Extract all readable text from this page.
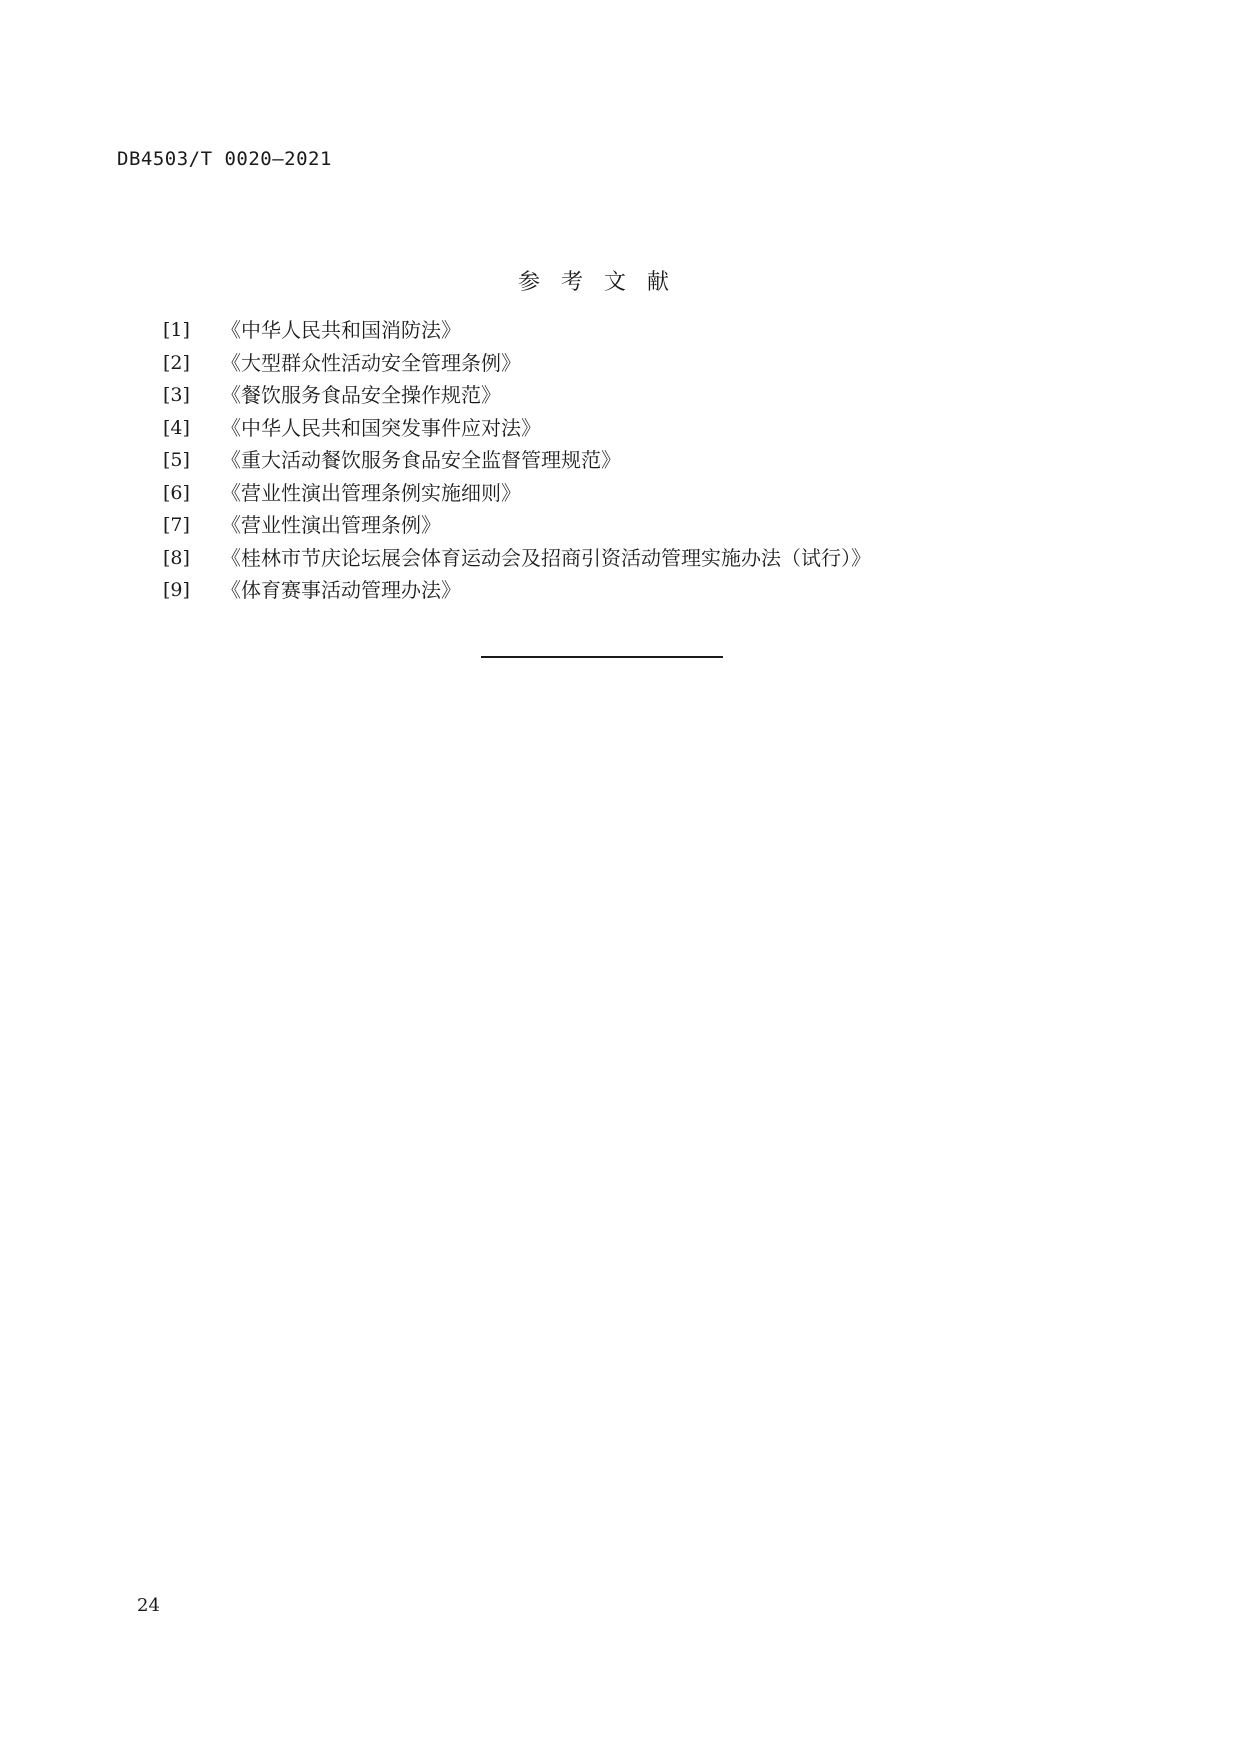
DB4503/T 0020—2021
参考文献
[1]	《中华人民共和国消防法》
[2]	《大型群众性活动安全管理条例》
[3]	《餐饮服务食品安全操作规范》
[4]	《中华人民共和国突发事件应对法》
[5]	《重大活动餐饮服务食品安全监督管理规范》
[6]	《营业性演出管理条例实施细则》
[7]	《营业性演出管理条例》
[8]	《桂林市节庆论坛展会体育运动会及招商引资活动管理实施办法（试行）》
[9]	《体育赛事活动管理办法》
24
